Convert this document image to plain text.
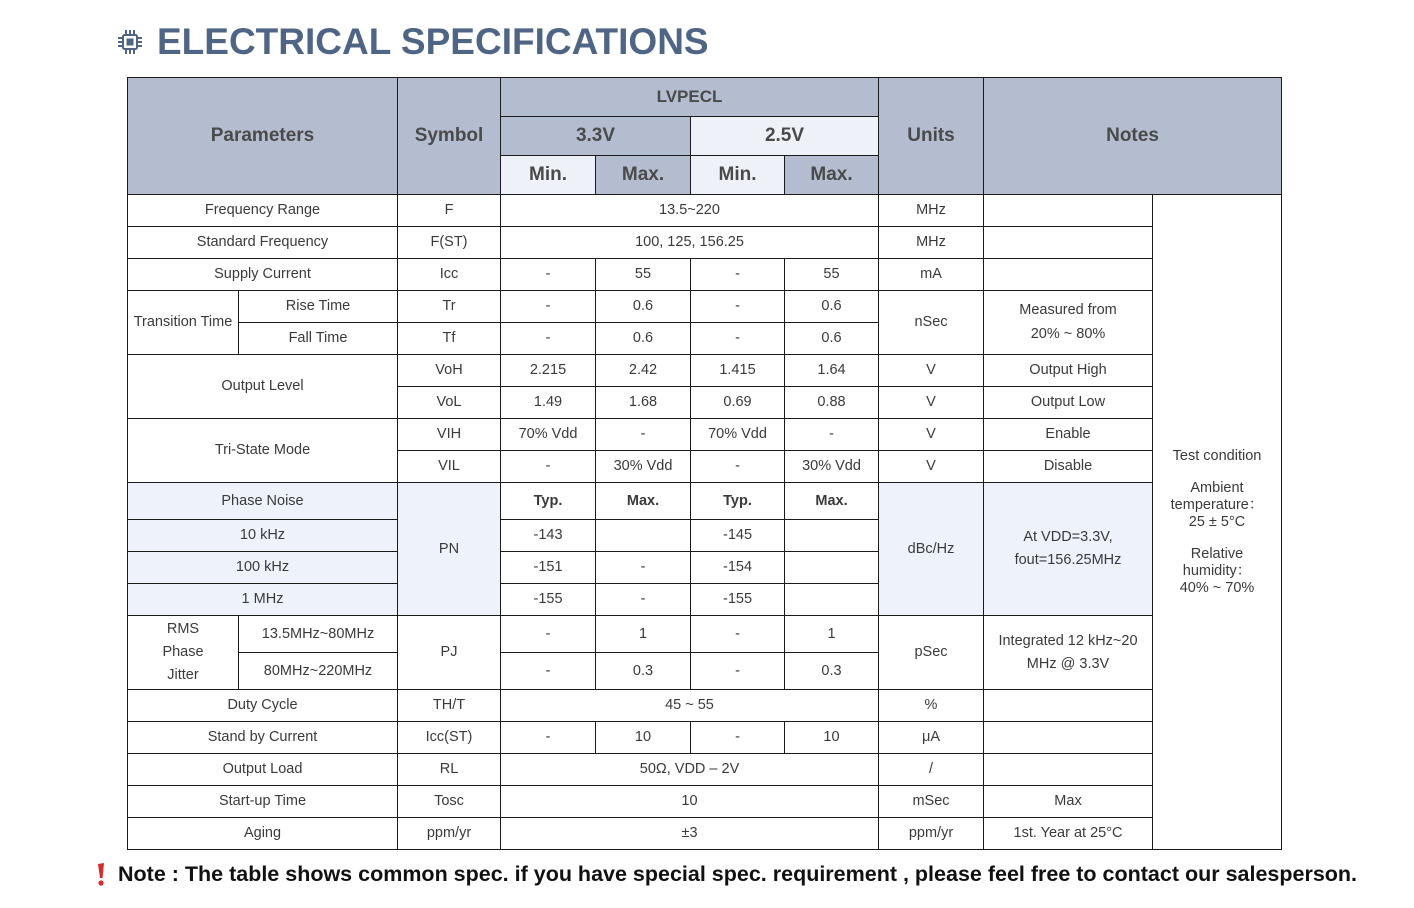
ELECTRICAL SPECIFICATIONS
Parameters		Symbol	LVPECL				Units	Notes	
			3.3V		2.5V				
			Min.	Max.	Min.	Max.			
Frequency Range		F	13.5~220				MHz		Test condition
Ambient temperature：
25 ± 5°C
Relative humidity：
40% ~ 70%

Standard Frequency		F(ST)	100, 125, 156.25				MHz		
Supply Current		Icc	-	55	-	55	mA		
Transition Time	Rise Time	Tr	-	0.6	-	0.6	nSec	Measured from 20% ~ 80%	
	Fall Time	Tf	-	0.6	-	0.6			
Output Level		VoH	2.215	2.42	1.415	1.64	V	Output High	
		VoL	1.49	1.68	0.69	0.88	V	Output Low	
Tri-State Mode		VIH	70% Vdd	-	70% Vdd	-	V	Enable	
		VIL	-	30% Vdd	-	30% Vdd	V	Disable	
Phase Noise		PN	Typ.	Max.	Typ.	Max.	dBc/Hz	At VDD=3.3V, fout=156.25MHz	
10 kHz			-143		-145				
100 kHz			-151	-	-154				
1 MHz			-155	-	-155				
RMS Phase Jitter	13.5MHz~80MHz	PJ	-	1	-	1	pSec	Integrated 12 kHz~20 MHz @ 3.3V	
	80MHz~220MHz		-	0.3	-	0.3			
Duty Cycle		TH/T	45 ~ 55				%		
Stand by Current		Icc(ST)	-	10	-	10	μA		
Output Load		RL	50Ω, VDD – 2V				/		
Start-up Time		Tosc	10				mSec	Max	
Aging		ppm/yr	±3				ppm/yr	1st. Year at 25°C	
Note : The table shows common spec. if you have special spec. requirement , please feel free to contact our salesperson.
